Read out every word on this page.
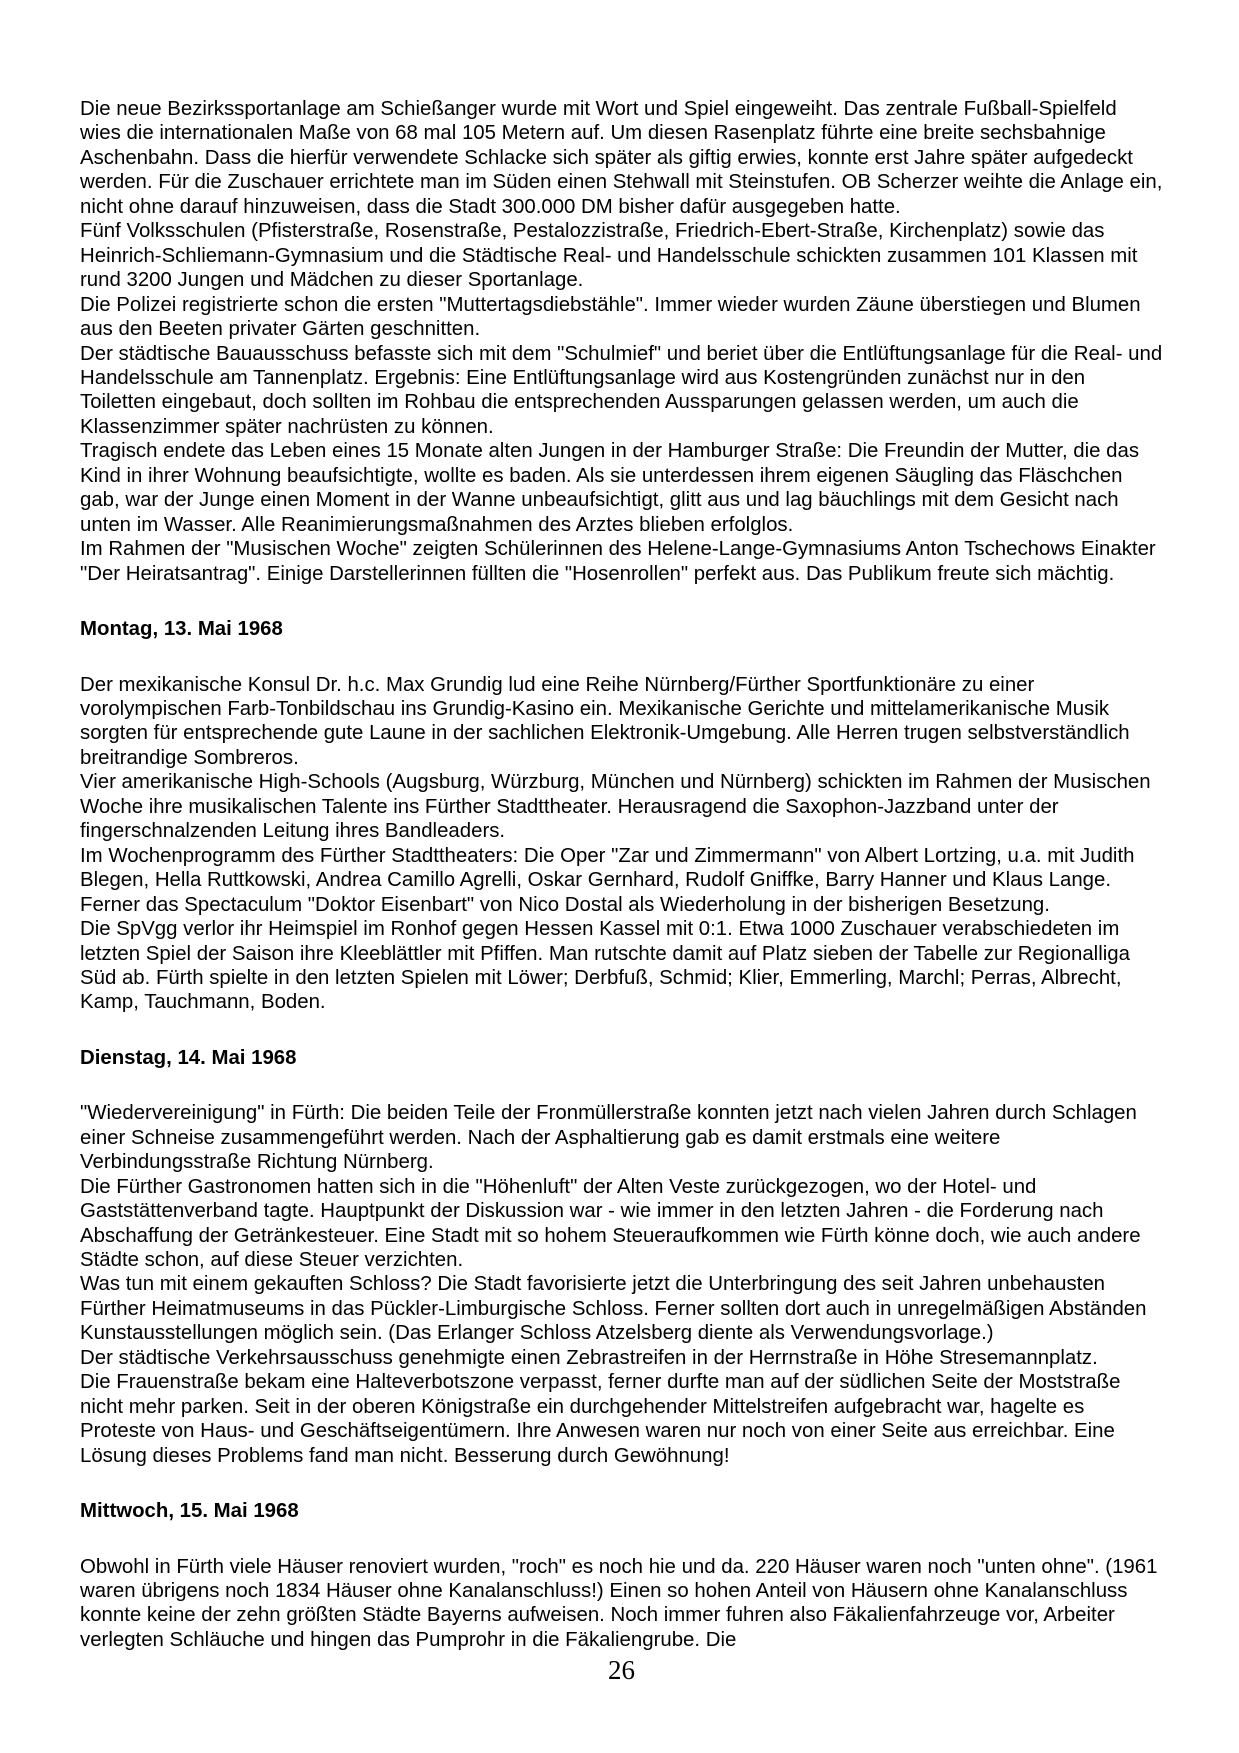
Die neue Bezirkssportanlage am Schießanger wurde mit Wort und Spiel eingeweiht. Das zentrale Fußball-Spielfeld wies die internationalen Maße von 68 mal 105 Metern auf. Um diesen Rasenplatz führte eine breite sechsbahnige Aschenbahn. Dass die hierfür verwendete Schlacke sich später als giftig erwies, konnte erst Jahre später aufgedeckt werden. Für die Zuschauer errichtete man im Süden einen Stehwall mit Steinstufen. OB Scherzer weihte die Anlage ein, nicht ohne darauf hinzuweisen, dass die Stadt 300.000 DM bisher dafür ausgegeben hatte.

Fünf Volksschulen (Pfisterstraße, Rosenstraße, Pestalozzistraße, Friedrich-Ebert-Straße, Kirchenplatz) sowie das Heinrich-Schliemann-Gymnasium und die Städtische Real- und Handelsschule schickten zusammen 101 Klassen mit rund 3200 Jungen und Mädchen zu dieser Sportanlage.

Die Polizei registrierte schon die ersten "Muttertagsdiebstähle". Immer wieder wurden Zäune überstiegen und Blumen aus den Beeten privater Gärten geschnitten.

Der städtische Bauausschuss befasste sich mit dem "Schulmief" und beriet über die Entlüftungsanlage für die Real- und Handelsschule am Tannenplatz. Ergebnis: Eine Entlüftungsanlage wird aus Kostengründen zunächst nur in den Toiletten eingebaut, doch sollten im Rohbau die entsprechenden Aussparungen gelassen werden, um auch die Klassenzimmer später nachrüsten zu können.

Tragisch endete das Leben eines 15 Monate alten Jungen in der Hamburger Straße: Die Freundin der Mutter, die das Kind in ihrer Wohnung beaufsichtigte, wollte es baden. Als sie unterdessen ihrem eigenen Säugling das Fläschchen gab, war der Junge einen Moment in der Wanne unbeaufsichtigt, glitt aus und lag bäuchlings mit dem Gesicht nach unten im Wasser. Alle Reanimierungsmaßnahmen des Arztes blieben erfolglos.

Im Rahmen der "Musischen Woche" zeigten Schülerinnen des Helene-Lange-Gymnasiums Anton Tschechows Einakter "Der Heiratsantrag". Einige Darstellerinnen füllten die "Hosenrollen" perfekt aus. Das Publikum freute sich mächtig.

Montag, 13. Mai 1968

Der mexikanische Konsul Dr. h.c. Max Grundig lud eine Reihe Nürnberg/Fürther Sportfunktionäre zu einer vorolympischen Farb-Tonbildschau ins Grundig-Kasino ein. Mexikanische Gerichte und mittelamerikanische Musik sorgten für entsprechende gute Laune in der sachlichen Elektronik-Umgebung. Alle Herren trugen selbstverständlich breitrandige Sombreros.

Vier amerikanische High-Schools (Augsburg, Würzburg, München und Nürnberg) schickten im Rahmen der Musischen Woche ihre musikalischen Talente ins Fürther Stadttheater. Herausragend die Saxophon-Jazzband unter der fingerschnalzenden Leitung ihres Bandleaders.

Im Wochenprogramm des Fürther Stadttheaters: Die Oper "Zar und Zimmermann" von Albert Lortzing, u.a. mit Judith Blegen, Hella Ruttkowski, Andrea Camillo Agrelli, Oskar Gernhard, Rudolf Gniffke, Barry Hanner und Klaus Lange. Ferner das Spectaculum "Doktor Eisenbart" von Nico Dostal als Wiederholung in der bisherigen Besetzung.

Die SpVgg verlor ihr Heimspiel im Ronhof gegen Hessen Kassel mit 0:1. Etwa 1000 Zuschauer verabschiedeten im letzten Spiel der Saison ihre Kleeblättler mit Pfiffen. Man rutschte damit auf Platz sieben der Tabelle zur Regionalliga Süd ab. Fürth spielte in den letzten Spielen mit Löwer; Derbfuß, Schmid; Klier, Emmerling, Marchl; Perras, Albrecht, Kamp, Tauchmann, Boden.

Dienstag, 14. Mai 1968

"Wiedervereinigung" in Fürth: Die beiden Teile der Fronmüllerstraße konnten jetzt nach vielen Jahren durch Schlagen einer Schneise zusammengeführt werden. Nach der Asphaltierung gab es damit erstmals eine weitere Verbindungsstraße Richtung Nürnberg.

Die Fürther Gastronomen hatten sich in die "Höhenluft" der Alten Veste zurückgezogen, wo der Hotel- und Gaststättenverband tagte. Hauptpunkt der Diskussion war - wie immer in den letzten Jahren - die Forderung nach Abschaffung der Getränkesteuer. Eine Stadt mit so hohem Steueraufkommen wie Fürth könne doch, wie auch andere Städte schon, auf diese Steuer verzichten.

Was tun mit einem gekauften Schloss? Die Stadt favorisierte jetzt die Unterbringung des seit Jahren unbehausten Fürther Heimatmuseums in das Pückler-Limburgische Schloss. Ferner sollten dort auch in unregelmäßigen Abständen Kunstausstellungen möglich sein. (Das Erlanger Schloss Atzelsberg diente als Verwendungsvorlage.)

Der städtische Verkehrsausschuss genehmigte einen Zebrastreifen in der Herrnstraße in Höhe Stresemannplatz.

Die Frauenstraße bekam eine Halteverbotszone verpasst, ferner durfte man auf der südlichen Seite der Moststraße nicht mehr parken. Seit in der oberen Königstraße ein durchgehender Mittelstreifen aufgebracht war, hagelte es Proteste von Haus- und Geschäftseigentümern. Ihre Anwesen waren nur noch von einer Seite aus erreichbar. Eine Lösung dieses Problems fand man nicht. Besserung durch Gewöhnung!

Mittwoch, 15. Mai 1968

Obwohl in Fürth viele Häuser renoviert wurden, "roch" es noch hie und da. 220 Häuser waren noch "unten ohne". (1961 waren übrigens noch 1834 Häuser ohne Kanalanschluss!) Einen so hohen Anteil von Häusern ohne Kanalanschluss konnte keine der zehn größten Städte Bayerns aufweisen. Noch immer fuhren also Fäkalienfahrzeuge vor, Arbeiter verlegten Schläuche und hingen das Pumprohr in die Fäkaliengrube. Die

26
